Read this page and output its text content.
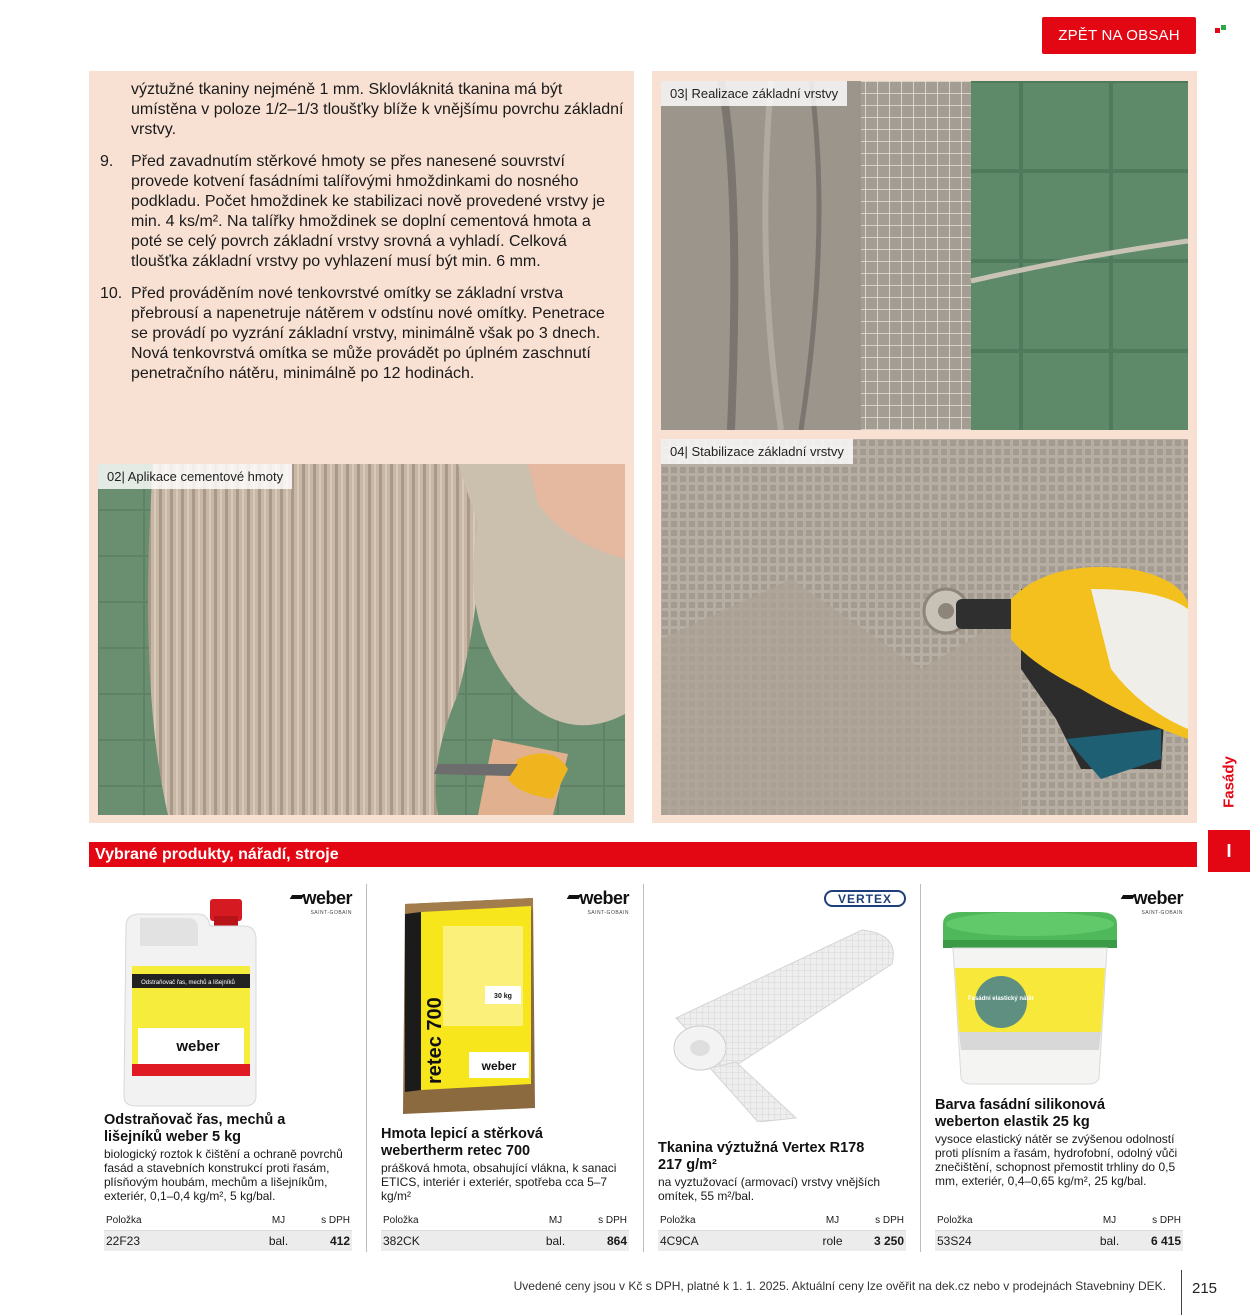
ZPĚT NA OBSAH

výztužné tkaniny nejméně 1 mm. Sklovláknitá tkanina má být umístěna v poloze 1/2–1/3 tloušťky blíže k vnějšímu povrchu základní vrstvy.

9. Před zavadnutím stěrkové hmoty se přes nanesené souvrství provede kotvení fasádními talířovými hmoždinkami do nosného podkladu. Počet hmoždinek ke stabilizaci nově provedené vrstvy je min. 4 ks/m². Na talířky hmoždinek se doplní cementová hmota a poté se celý povrch základní vrstvy srovná a vyhladí. Celková tloušťka základní vrstvy po vyhlazení musí být min. 6 mm.

10. Před prováděním nové tenkovrstvé omítky se základní vrstva přebrousí a napenetruje nátěrem v odstínu nové omítky. Penetrace se provádí po vyzrání základní vrstvy, minimálně však po 3 dnech. Nová tenkovrstvá omítka se může provádět po úplném zaschnutí penetračního nátěru, minimálně po 12 hodinách.

02| Aplikace cementové hmoty
03| Realizace základní vrstvy
04| Stabilizace základní vrstvy
Vybrané produkty, nářadí, stroje
Fasády
I
weber
SAINT-GOBAIN
Odstraňovač řas, mechů a lišejníků
weber
Odstraňovač řas, mechů a lišejníků weber 5 kg
biologický roztok k čištění a ochraně povrchů fasád a stavebních konstrukcí proti řasám, plísňovým houbám, mechům a lišejníkům, exteriér, 0,1–0,4 kg/m², 5 kg/bal.
Položka	MJ	s DPH
22F23	bal.	412
weber
SAINT-GOBAIN
30 kg
retec 700	weber
Hmota lepicí a stěrková webertherm retec 700
prášková hmota, obsahující vlákna, k sanaci ETICS, interiér i exteriér, spotřeba cca 5–7 kg/m²
Položka	MJ	s DPH
382CK	bal.	864
VERTEX
Tkanina výztužná Vertex R178 217 g/m²
na vyztužovací (armovací) vrstvy vnějších omítek, 55 m²/bal.
Položka	MJ	s DPH
4C9CA	role	3 250
weber
SAINT-GOBAIN
Fasádní elastický nátěr
Barva fasádní silikonová weberton elastik 25 kg
vysoce elastický nátěr se zvýšenou odolností proti plísním a řasám, hydrofobní, odolný vůči znečištění, schopnost přemostit trhliny do 0,5 mm, exteriér, 0,4–0,65 kg/m², 25 kg/bal.
Položka	MJ	s DPH
53S24	bal.	6 415
Uvedené ceny jsou v Kč s DPH, platné k 1. 1. 2025. Aktuální ceny lze ověřit na dek.cz nebo v prodejnách Stavebniny DEK. 215
